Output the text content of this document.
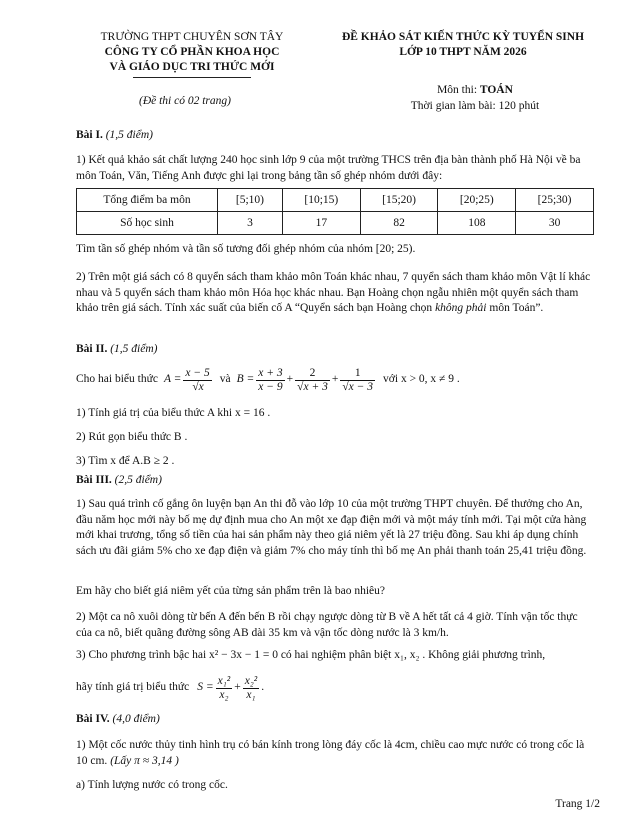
TRƯỜNG THPT CHUYÊN SƠN TÂY
CÔNG TY CỔ PHẦN KHOA HỌC
VÀ GIÁO DỤC TRI THỨC MỚI
ĐỀ KHẢO SÁT KIẾN THỨC KỲ TUYỂN SINH
LỚP 10 THPT NĂM 2026
(Đề thi có 02 trang)
Môn thi: TOÁN
Thời gian làm bài: 120 phút
Bài I. (1,5 điểm)
1) Kết quả khảo sát chất lượng 240 học sinh lớp 9 của một trường THCS trên địa bàn thành phố Hà Nội về ba môn Toán, Văn, Tiếng Anh được ghi lại trong bảng tần số ghép nhóm dưới đây:
Tổng điểm ba môn	[5;10)	[10;15)	[15;20)	[20;25)	[25;30)
Số học sinh	3	17	82	108	30
Tìm tần số ghép nhóm và tần số tương đối ghép nhóm của nhóm [20; 25).
2) Trên một giá sách có 8 quyển sách tham khảo môn Toán khác nhau, 7 quyển sách tham khảo môn Vật lí khác nhau và 5 quyển sách tham khảo môn Hóa học khác nhau. Bạn Hoàng chọn ngẫu nhiên một quyển sách tham khảo trên giá sách. Tính xác suất của biến cố A “Quyển sách bạn Hoàng chọn không phải môn Toán”.
Bài II. (1,5 điểm)
Cho hai biểu thức $A = \frac{x - 5}{√x}$ và $B = \frac{x + 3}{x - 9} + \frac{2}{√x + 3} + \frac{1}{√x - 3}$ với x > 0, x ≠ 9 .
1) Tính giá trị của biểu thức A khi x = 16 .
2) Rút gọn biểu thức B .
3) Tìm x để A.B ≥ 2 .
Bài III. (2,5 điểm)
1) Sau quá trình cố gắng ôn luyện bạn An thi đỗ vào lớp 10 của một trường THPT chuyên. Để thưởng cho An, đầu năm học mới này bố mẹ dự định mua cho An một xe đạp điện mới và một máy tính mới. Tại một cửa hàng mới khai trương, tổng số tiền của hai sản phẩm này theo giá niêm yết là 27 triệu đồng. Sau khi áp dụng chính sách ưu đãi giảm 5% cho xe đạp điện và giảm 7% cho máy tính thì bố mẹ An phải thanh toán 25,41 triệu đồng.
Em hãy cho biết giá niêm yết của từng sản phẩm trên là bao nhiêu?
2) Một ca nô xuôi dòng từ bến A đến bến B rồi chạy ngược dòng từ B về A hết tất cả 4 giờ. Tính vận tốc thực của ca nô, biết quãng đường sông AB dài 35 km và vận tốc dòng nước là 3 km/h.
3) Cho phương trình bậc hai x² − 3x − 1 = 0 có hai nghiệm phân biệt x₁, x₂ . Không giải phương trình,
hãy tính giá trị biểu thức $S = \frac{\text{x₁²}}{\text{x₂}} + \frac{\text{x₂²}}{\text{x₁}}$ .
Bài IV. (4,0 điểm)
1) Một cốc nước thủy tinh hình trụ có bán kính trong lòng đáy cốc là 4cm, chiều cao mực nước có trong cốc là 10 cm. (Lấy π ≈ 3,14 )
a) Tính lượng nước có trong cốc.
Trang 1/2
